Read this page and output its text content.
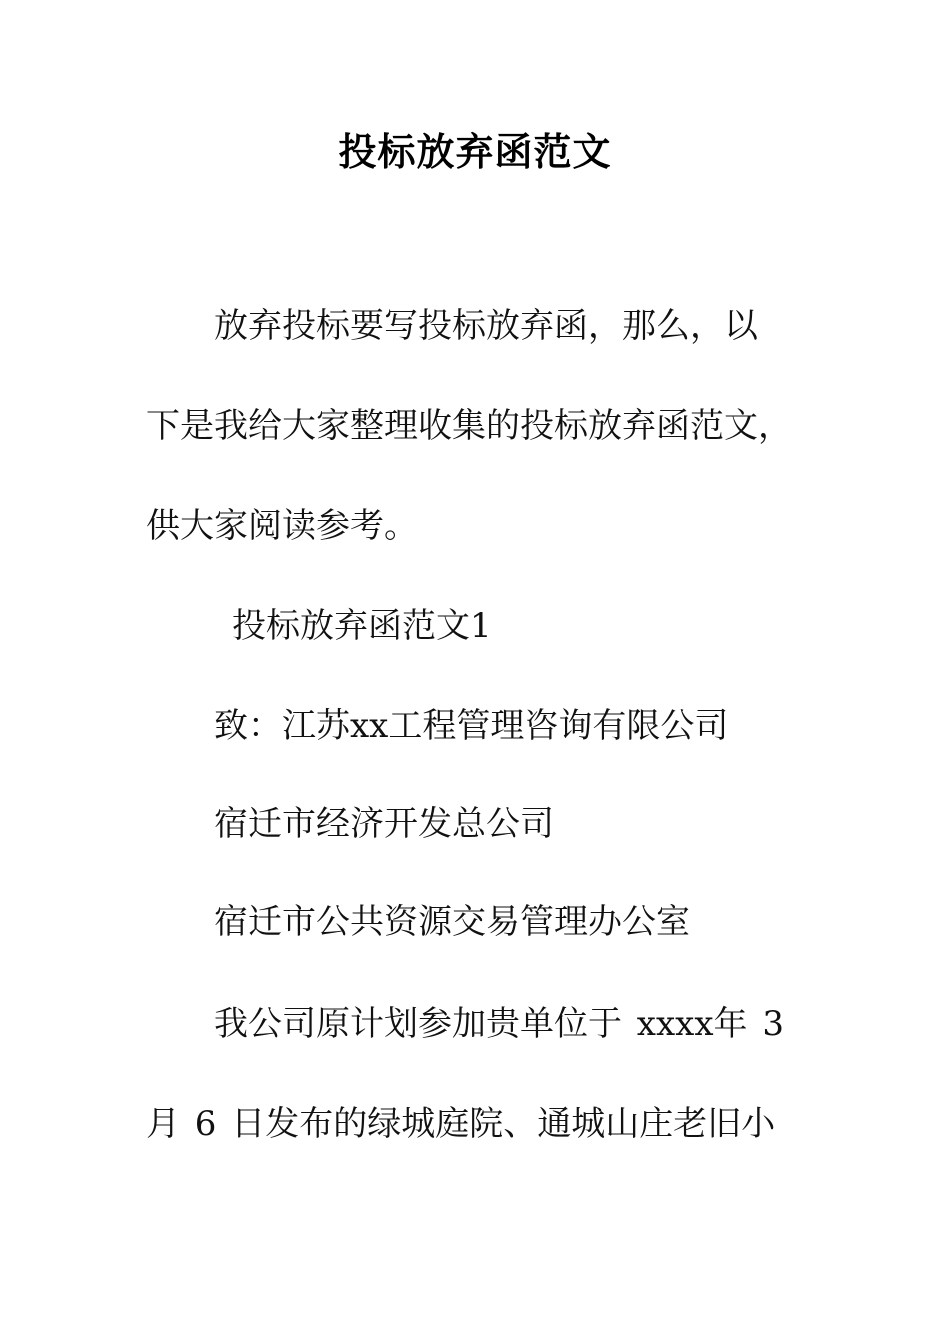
投标放弃函范文
放弃投标要写投标放弃函，那么，以
下是我给大家整理收集的投标放弃函范文，
供大家阅读参考。
投标放弃函范文1
致：江苏xx工程管理咨询有限公司
宿迁市经济开发总公司
宿迁市公共资源交易管理办公室
我公司原计划参加贵单位于 xxxx年 3
月 6 日发布的绿城庭院、通城山庄老旧小
